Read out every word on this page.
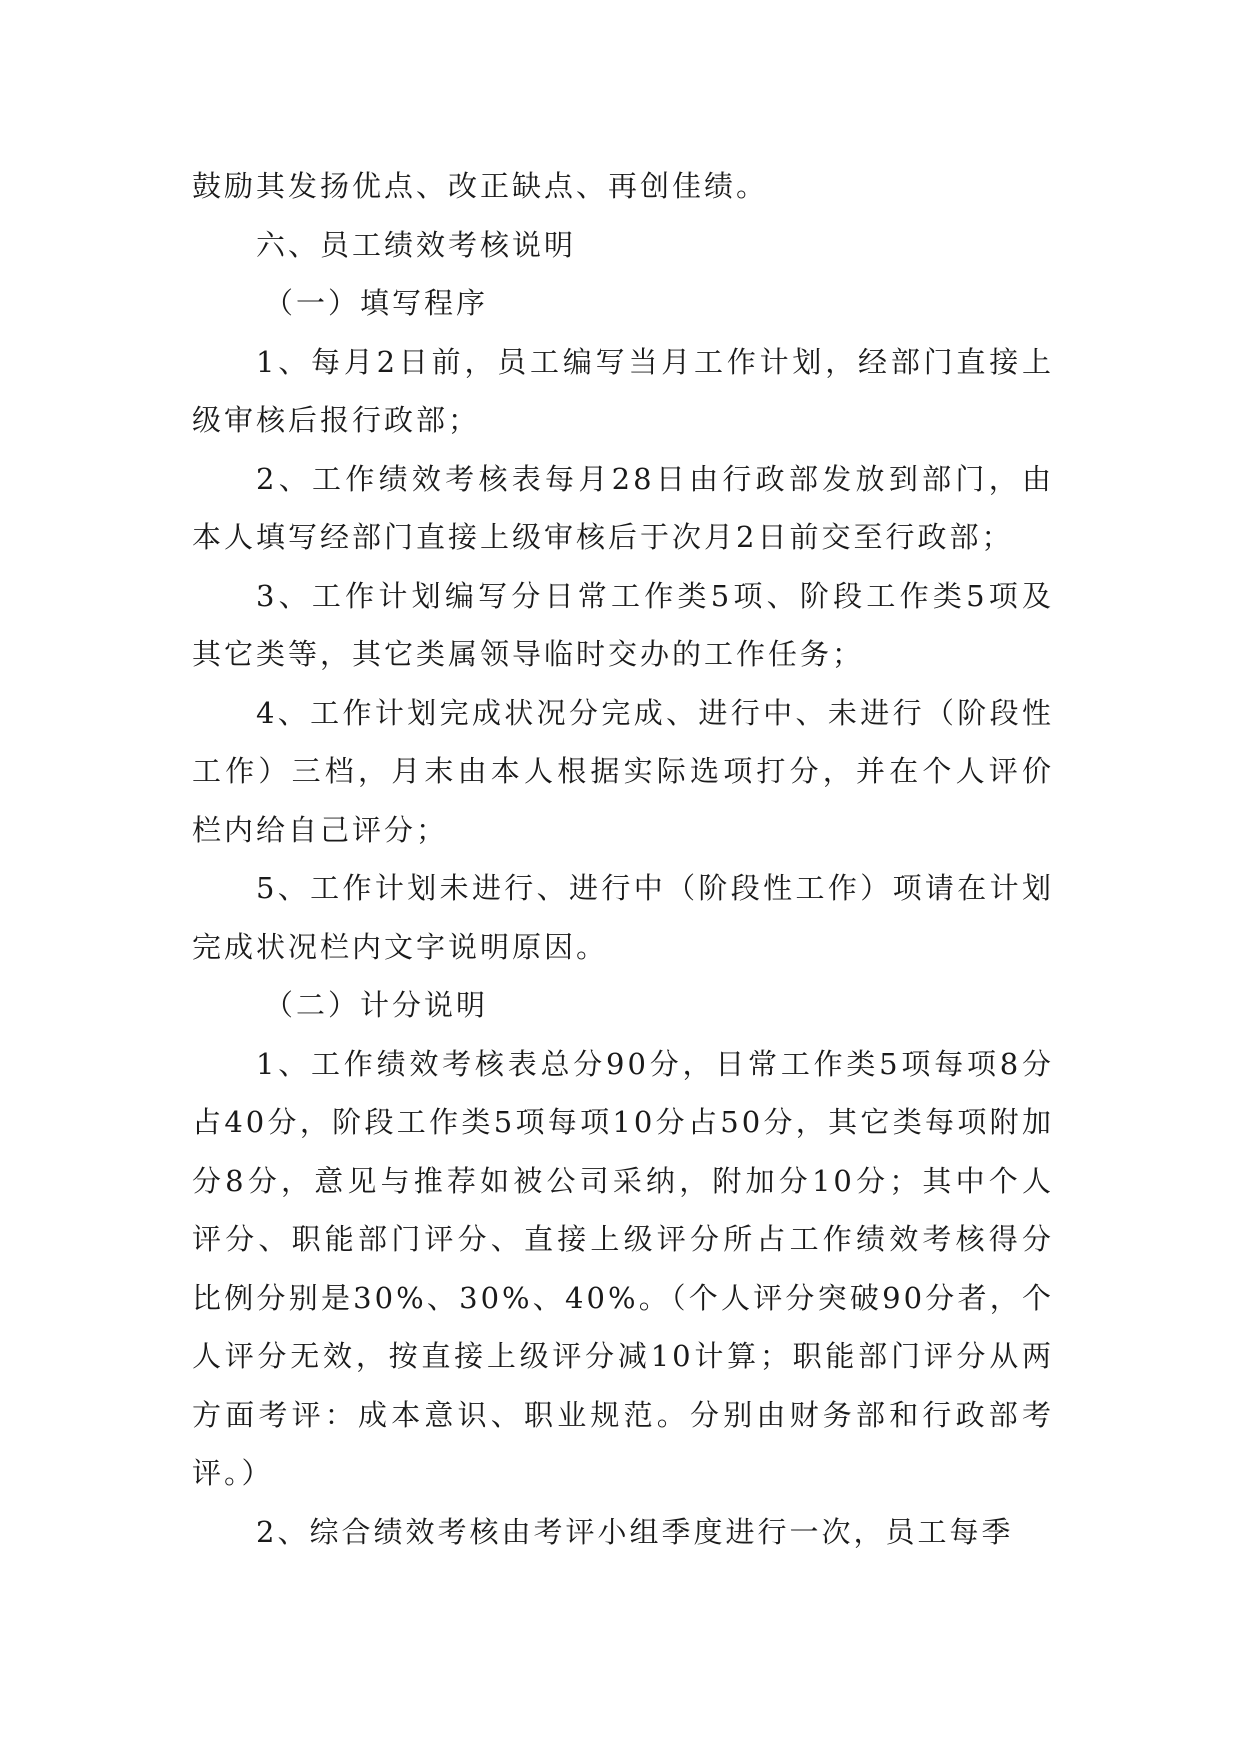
鼓励其发扬优点、改正缺点、再创佳绩。

六、员工绩效考核说明

（一）填写程序

1、每月2日前，员工编写当月工作计划，经部门直接上级审核后报行政部；

2、工作绩效考核表每月28日由行政部发放到部门，由本人填写经部门直接上级审核后于次月2日前交至行政部；

3、工作计划编写分日常工作类5项、阶段工作类5项及其它类等，其它类属领导临时交办的工作任务；

4、工作计划完成状况分完成、进行中、未进行（阶段性工作）三档，月末由本人根据实际选项打分，并在个人评价栏内给自己评分；

5、工作计划未进行、进行中（阶段性工作）项请在计划完成状况栏内文字说明原因。

（二）计分说明

1、工作绩效考核表总分90分，日常工作类5项每项8分占40分，阶段工作类5项每项10分占50分，其它类每项附加分8分，意见与推荐如被公司采纳，附加分10分；其中个人评分、职能部门评分、直接上级评分所占工作绩效考核得分比例分别是30%、30%、40%。（个人评分突破90分者，个人评分无效，按直接上级评分减10计算；职能部门评分从两方面考评：成本意识、职业规范。分别由财务部和行政部考评。）

2、综合绩效考核由考评小组季度进行一次，员工每季
